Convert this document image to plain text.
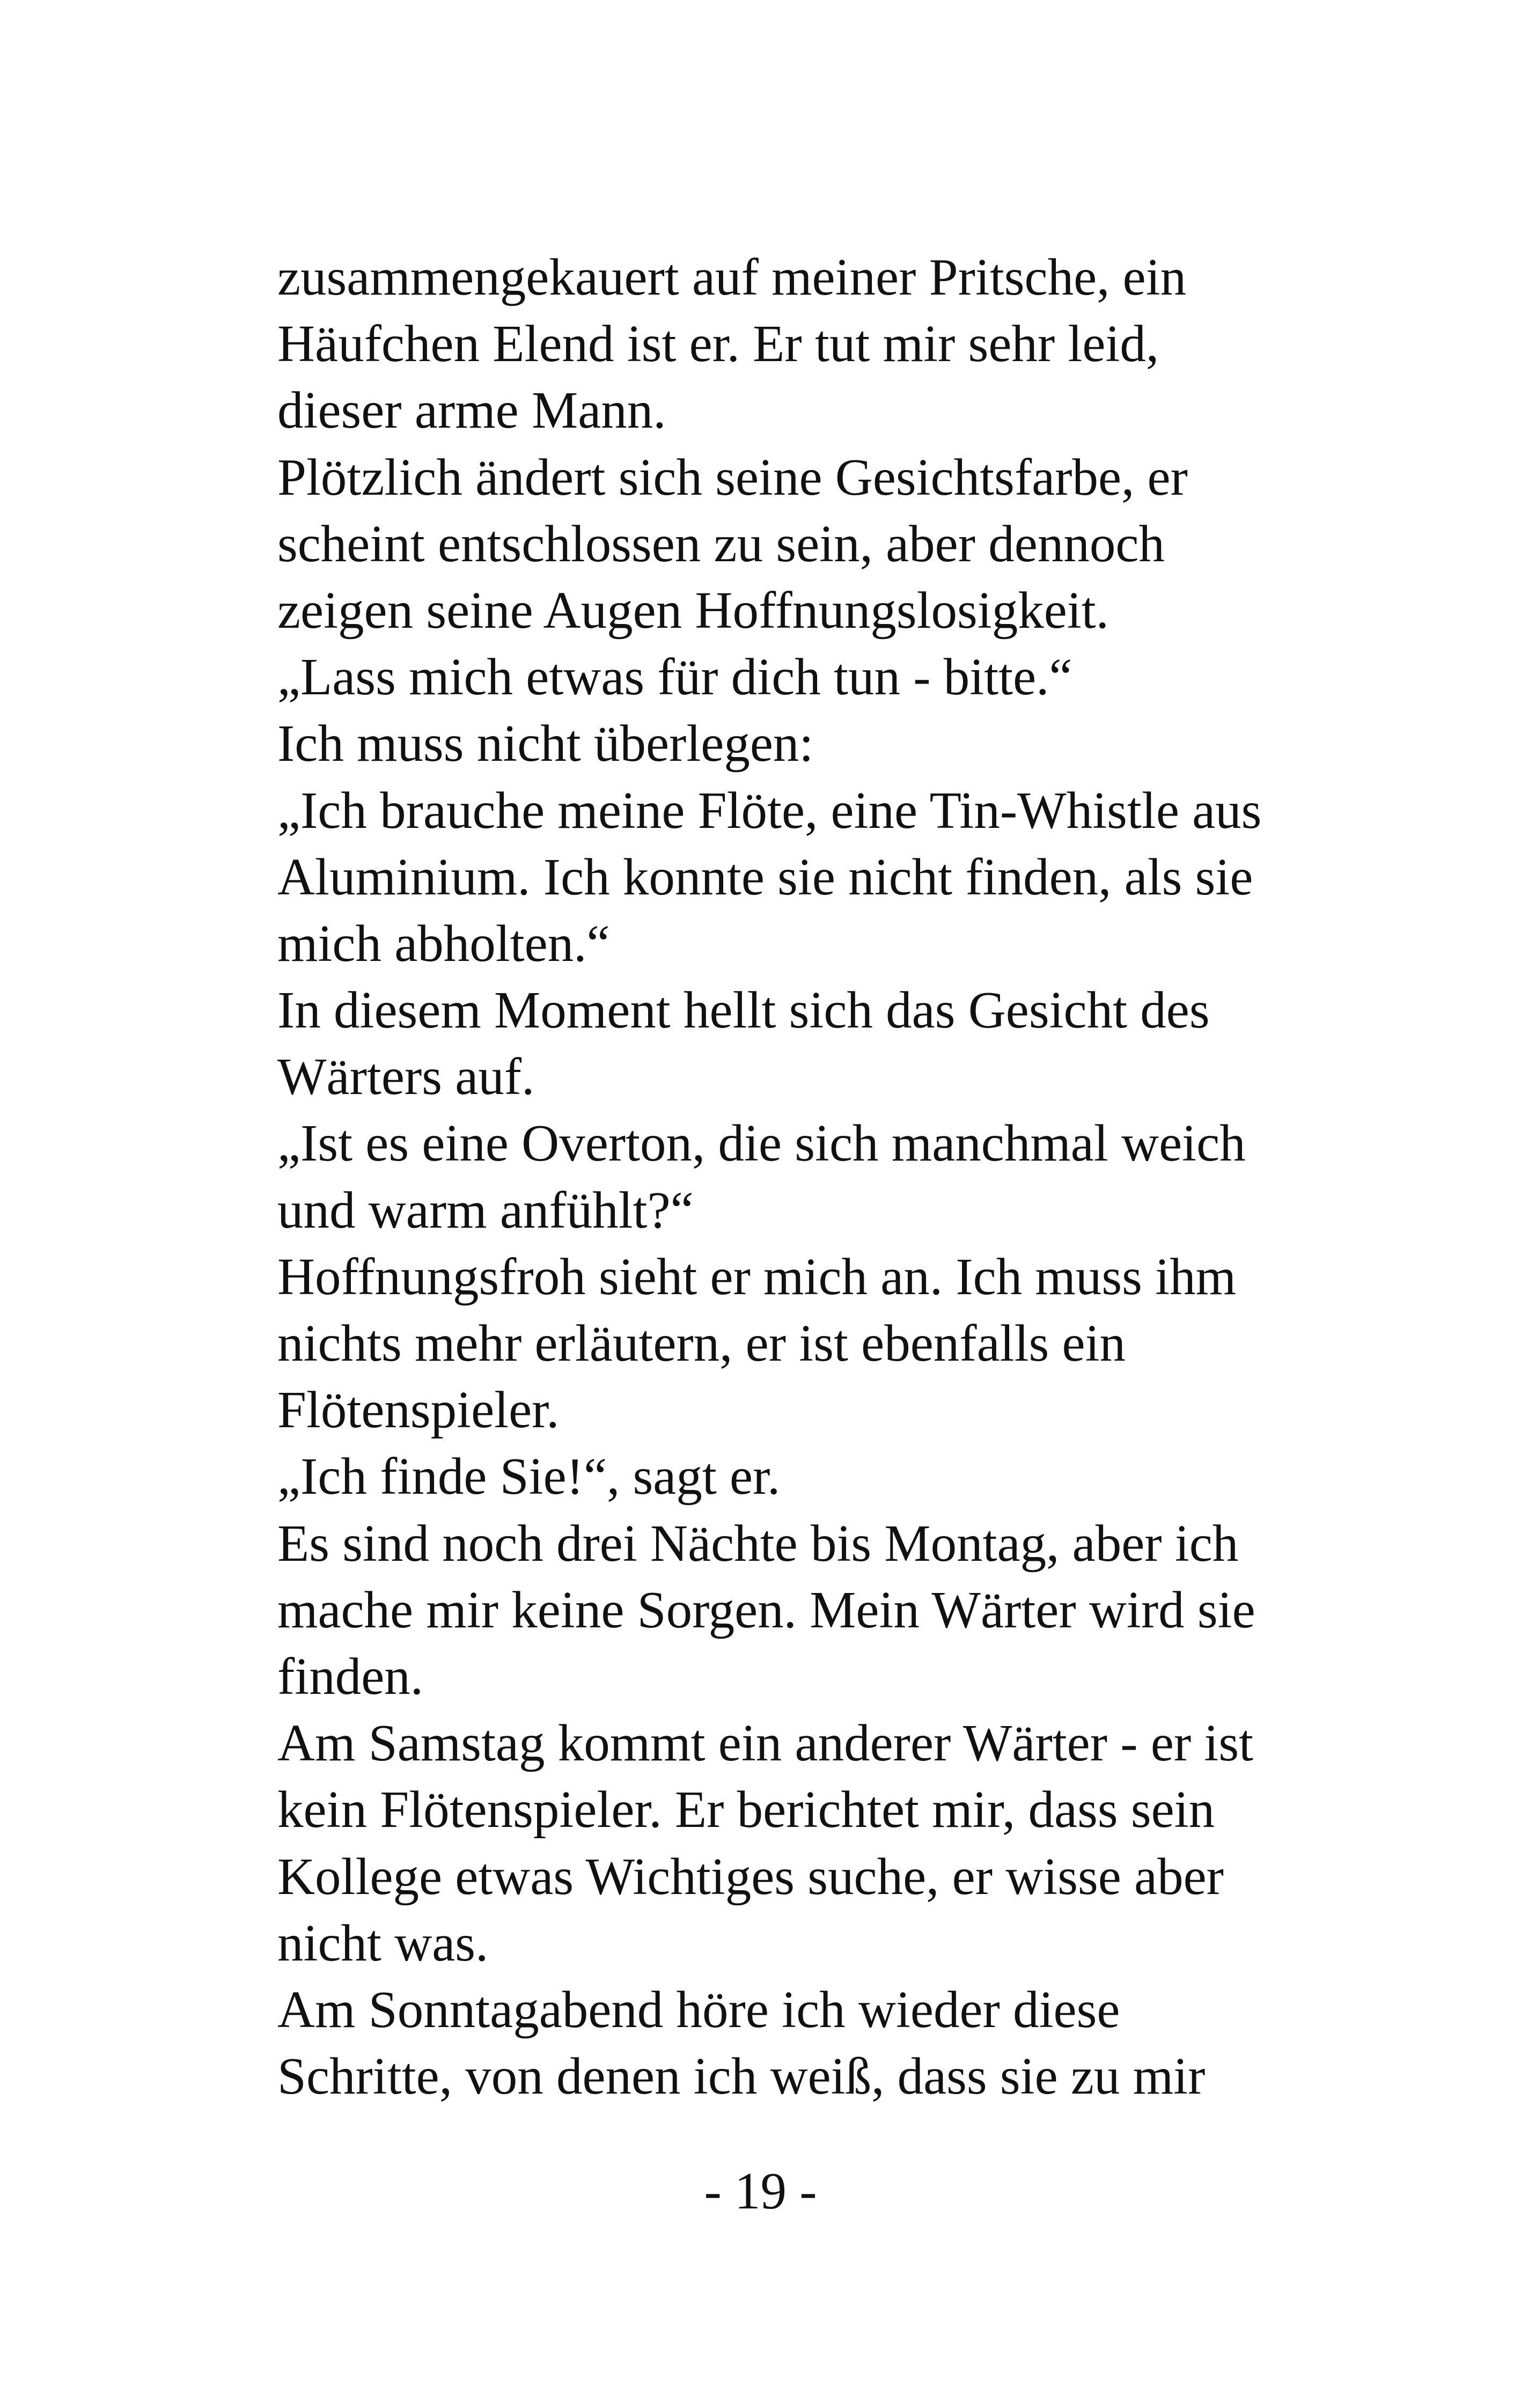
zusammengekauert auf meiner Pritsche, ein
Häufchen Elend ist er. Er tut mir sehr leid,
dieser arme Mann.
Plötzlich ändert sich seine Gesichtsfarbe, er
scheint entschlossen zu sein, aber dennoch
zeigen seine Augen Hoffnungslosigkeit.
„Lass mich etwas für dich tun - bitte.“
Ich muss nicht überlegen:
„Ich brauche meine Flöte, eine Tin-Whistle aus
Aluminium. Ich konnte sie nicht finden, als sie
mich abholten.“
In diesem Moment hellt sich das Gesicht des
Wärters auf.
„Ist es eine Overton, die sich manchmal weich
und warm anfühlt?“
Hoffnungsfroh sieht er mich an. Ich muss ihm
nichts mehr erläutern, er ist ebenfalls ein
Flötenspieler.
„Ich finde Sie!“, sagt er.
Es sind noch drei Nächte bis Montag, aber ich
mache mir keine Sorgen. Mein Wärter wird sie
finden.
Am Samstag kommt ein anderer Wärter - er ist
kein Flötenspieler. Er berichtet mir, dass sein
Kollege etwas Wichtiges suche, er wisse aber
nicht was.
Am Sonntagabend höre ich wieder diese
Schritte, von denen ich weiß, dass sie zu mir
- 19 -
